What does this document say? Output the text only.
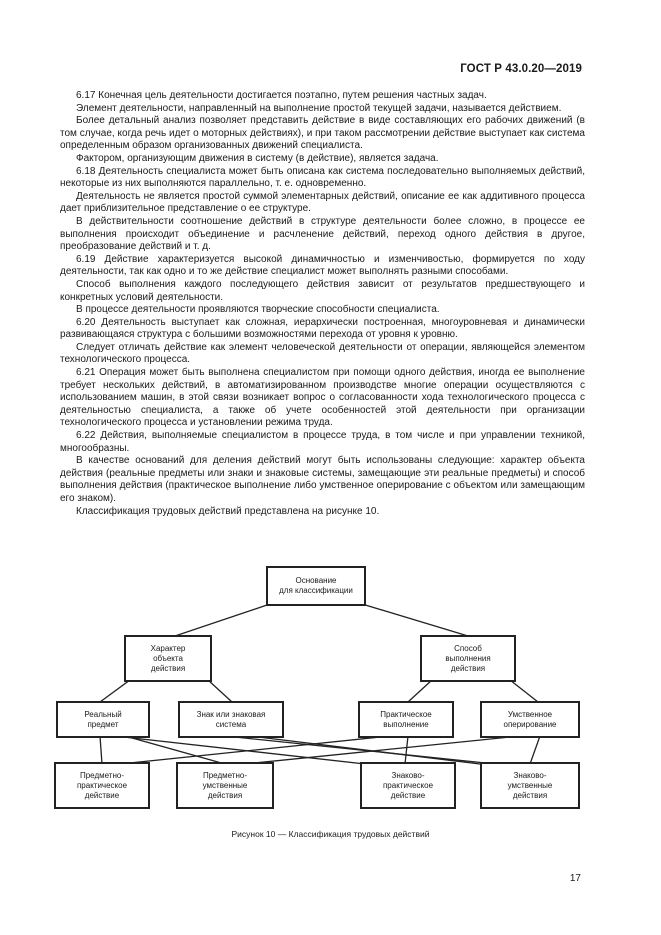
ГОСТ Р 43.0.20—2019

6.17 Конечная цель деятельности достигается поэтапно, путем решения частных задач.

Элемент деятельности, направленный на выполнение простой текущей задачи, называется действием.

Более детальный анализ позволяет представить действие в виде составляющих его рабочих движений (в том случае, когда речь идет о моторных действиях), и при таком рассмотрении действие выступает как система определенным образом организованных движений специалиста.

Фактором, организующим движения в систему (в действие), является задача.

6.18 Деятельность специалиста может быть описана как система последовательно выполняемых действий, некоторые из них выполняются параллельно, т. е. одновременно.

Деятельность не является простой суммой элементарных действий, описание ее как аддитивного процесса дает приблизительное представление о ее структуре.

В действительности соотношение действий в структуре деятельности более сложно, в процессе ее выполнения происходит объединение и расчленение действий, переход одного действия в другое, преобразование действий и т. д.

6.19 Действие характеризуется высокой динамичностью и изменчивостью, формируется по ходу деятельности, так как одно и то же действие специалист может выполнять разными способами.

Способ выполнения каждого последующего действия зависит от результатов предшествующего и конкретных условий деятельности.

В процессе деятельности проявляются творческие способности специалиста.

6.20 Деятельность выступает как сложная, иерархически построенная, многоуровневая и динамически развивающаяся структура с большими возможностями перехода от уровня к уровню.

Следует отличать действие как элемент человеческой деятельности от операции, являющейся элементом технологического процесса.

6.21 Операция может быть выполнена специалистом при помощи одного действия, иногда ее выполнение требует нескольких действий, в автоматизированном производстве многие операции осуществляются с использованием машин, в этой связи возникает вопрос о согласованности хода технологического процесса с деятельностью специалиста, а также об учете особенностей этой деятельности при организации технологического процесса и установлении режима труда.

6.22 Действия, выполняемые специалистом в процессе труда, в том числе и при управлении техникой, многообразны.

В качестве оснований для деления действий могут быть использованы следующие: характер объекта действия (реальные предметы или знаки и знаковые системы, замещающие эти реальные предметы) и способ выполнения действия (практическое выполнение либо умственное оперирование с объектом или замещающим его знаком).

Классификация трудовых действий представлена на рисунке 10.

Основание
для классификации
Характер
объекта
действия
Способ
выполнения
действия
Реальный
предмет
Знак или знаковая
система
Практическое
выполнение
Умственное
оперирование
Предметно-
практическое
действие
Предметно-
умственные
действия
Знаково-
практическое
действие
Знаково-
умственные
действия
Рисунок 10 — Классификация трудовых действий
17
